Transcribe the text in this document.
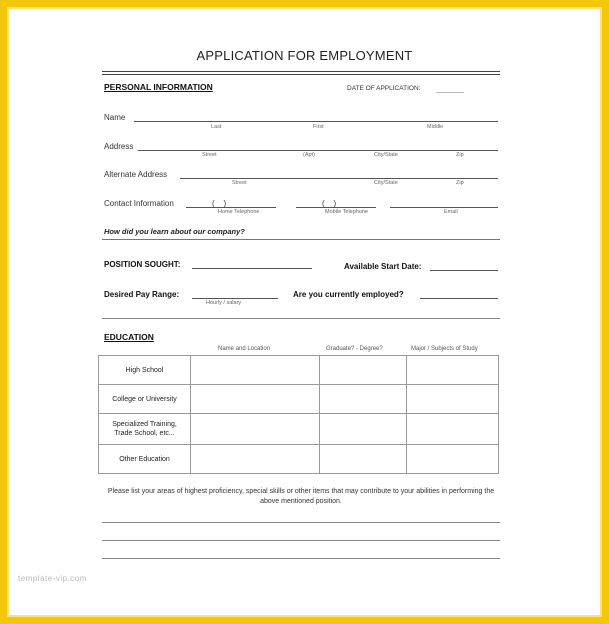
APPLICATION FOR EMPLOYMENT
PERSONAL INFORMATION	DATE OF APPLICATION:
Name
Last	First	Middle
Address
Street	(Apt)	City/State	Zip
Alternate Address
Street	City/State	Zip
Contact Information	(    )	(    )
Home Telephone	Mobile Telephone	Email
How did you learn about our company?
POSITION SOUGHT:	Available Start Date:
Desired Pay Range:
Hourly / salary
Are you currently employed?
EDUCATION
Name and Location	Graduate? - Degree?	Major / Subjects of Study
High School			
College or University			
Specialized Training, Trade School, etc...			
Other Education			
Please list your areas of highest proficiency, special skills or other items that may contribute to your abilities in performing the above mentioned position.
template-vip.com
